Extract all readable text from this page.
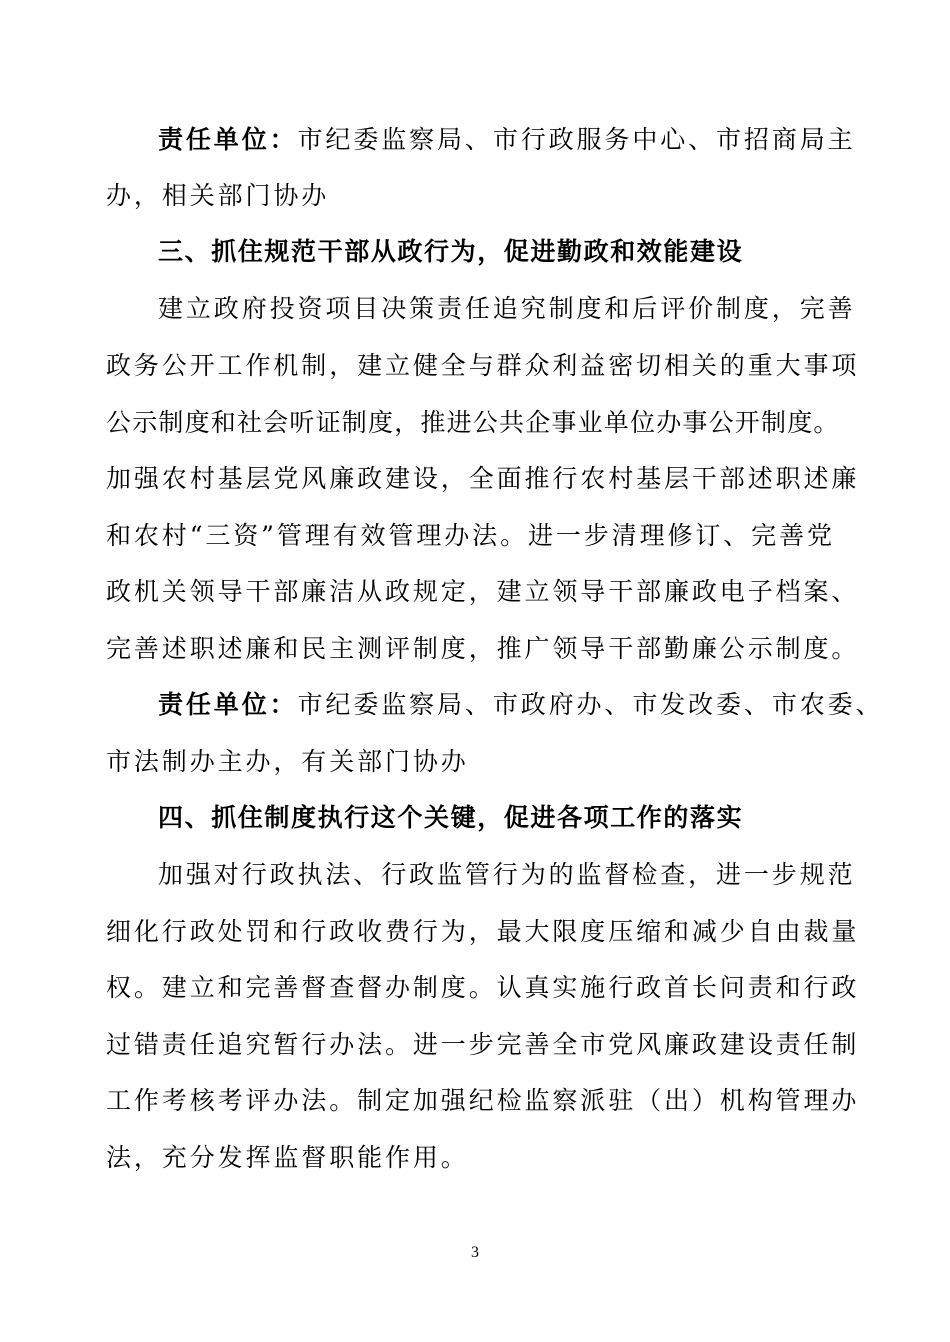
责任单位：市纪委监察局、市行政服务中心、市招商局主
办，相关部门协办
三、抓住规范干部从政行为，促进勤政和效能建设
建立政府投资项目决策责任追究制度和后评价制度，完善
政务公开工作机制，建立健全与群众利益密切相关的重大事项
公示制度和社会听证制度，推进公共企事业单位办事公开制度。
加强农村基层党风廉政建设，全面推行农村基层干部述职述廉
和农村“三资”管理有效管理办法。进一步清理修订、完善党
政机关领导干部廉洁从政规定，建立领导干部廉政电子档案、
完善述职述廉和民主测评制度，推广领导干部勤廉公示制度。
责任单位：市纪委监察局、市政府办、市发改委、市农委、
市法制办主办，有关部门协办
四、抓住制度执行这个关键，促进各项工作的落实
加强对行政执法、行政监管行为的监督检查，进一步规范
细化行政处罚和行政收费行为，最大限度压缩和减少自由裁量
权。建立和完善督查督办制度。认真实施行政首长问责和行政
过错责任追究暂行办法。进一步完善全市党风廉政建设责任制
工作考核考评办法。制定加强纪检监察派驻（出）机构管理办
法，充分发挥监督职能作用。
3
